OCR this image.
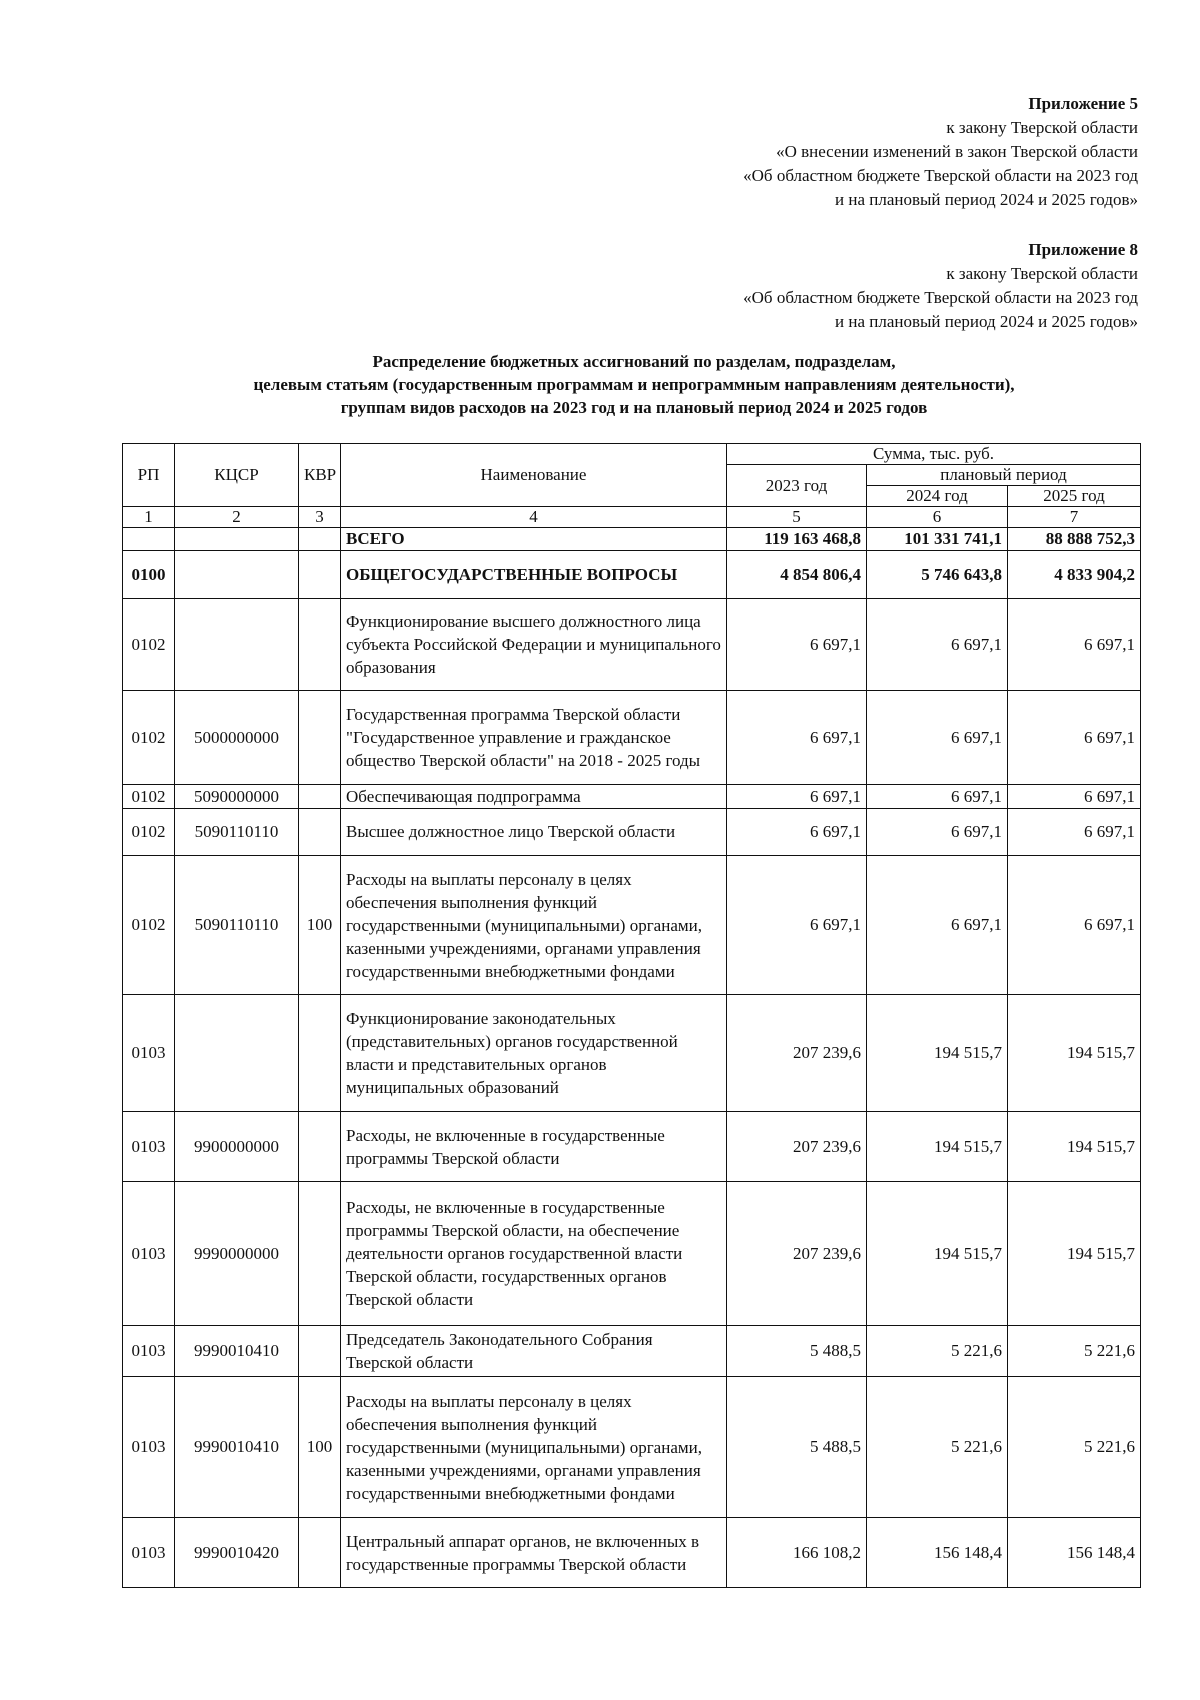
Приложение 5
к закону Тверской области
«О внесении изменений в закон Тверской области
«Об областном бюджете Тверской области на 2023 год
и на плановый период 2024 и 2025 годов»
Приложение 8
к закону Тверской области
«Об областном бюджете Тверской области на 2023 год
и на плановый период 2024 и 2025 годов»
Распределение бюджетных ассигнований по разделам, подразделам,
целевым статьям (государственным программам и непрограммным направлениям деятельности),
группам видов расходов на 2023 год и на плановый период 2024 и 2025 годов
РП	КЦСР	КВР	Наименование	Сумма, тыс. руб.		
				2023 год	плановый период	
					2024 год	2025 год
1	2	3	4	5	6	7
			ВСЕГО	119 163 468,8	101 331 741,1	88 888 752,3
0100			ОБЩЕГОСУДАРСТВЕННЫЕ ВОПРОСЫ	4 854 806,4	5 746 643,8	4 833 904,2
0102			Функционирование высшего должностного лица субъекта Российской Федерации и муниципального образования	6 697,1	6 697,1	6 697,1
0102	5000000000		Государственная программа Тверской области "Государственное управление и гражданское общество Тверской области" на 2018 - 2025 годы	6 697,1	6 697,1	6 697,1
0102	5090000000		Обеспечивающая подпрограмма	6 697,1	6 697,1	6 697,1
0102	5090110110		Высшее должностное лицо Тверской области	6 697,1	6 697,1	6 697,1
0102	5090110110	100	Расходы на выплаты персоналу в целях обеспечения выполнения функций государственными (муниципальными) органами, казенными учреждениями, органами управления государственными внебюджетными фондами	6 697,1	6 697,1	6 697,1
0103			Функционирование законодательных (представительных) органов государственной власти и представительных органов муниципальных образований	207 239,6	194 515,7	194 515,7
0103	9900000000		Расходы, не включенные в государственные программы Тверской области	207 239,6	194 515,7	194 515,7
0103	9990000000		Расходы, не включенные в государственные программы Тверской области, на обеспечение деятельности органов государственной власти Тверской области, государственных органов Тверской области	207 239,6	194 515,7	194 515,7
0103	9990010410		Председатель Законодательного Собрания Тверской области	5 488,5	5 221,6	5 221,6
0103	9990010410	100	Расходы на выплаты персоналу в целях обеспечения выполнения функций государственными (муниципальными) органами, казенными учреждениями, органами управления государственными внебюджетными фондами	5 488,5	5 221,6	5 221,6
0103	9990010420		Центральный аппарат органов, не включенных в государственные программы Тверской области	166 108,2	156 148,4	156 148,4
